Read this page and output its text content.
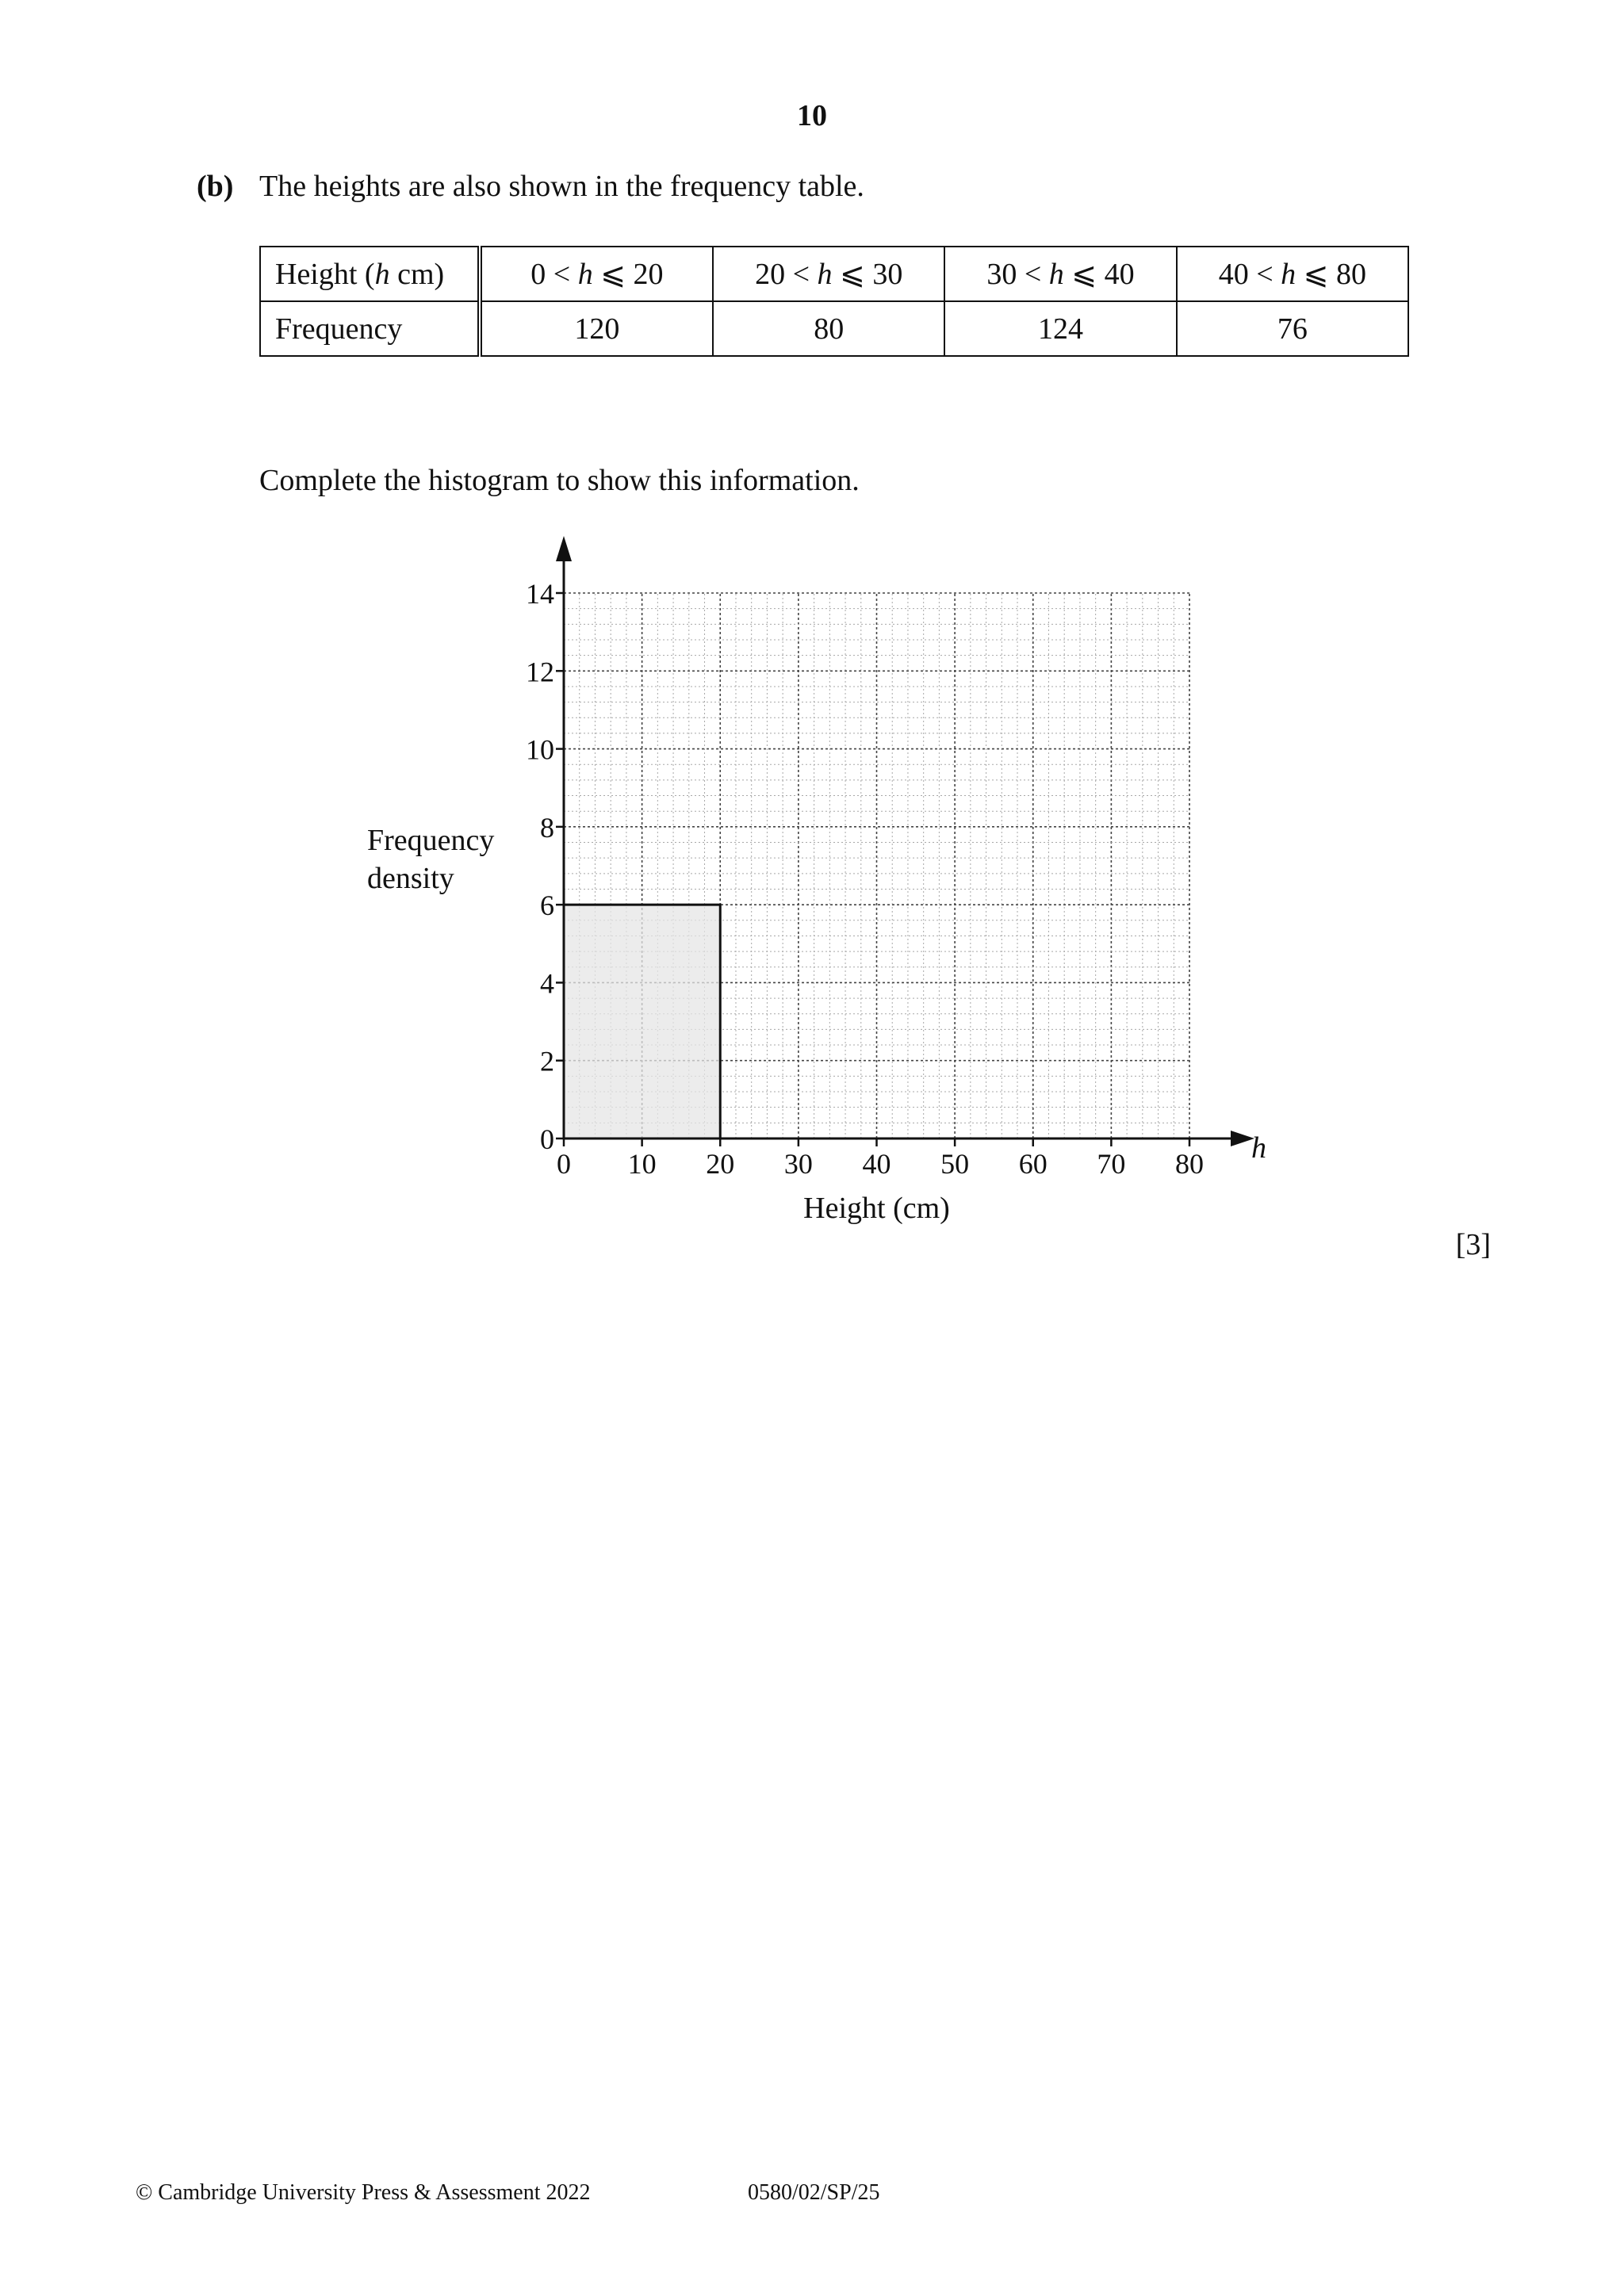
10
(b) The heights are also shown in the frequency table.
Height (h cm)	0 < h ⩽ 20	20 < h ⩽ 30	30 < h ⩽ 40	40 < h ⩽ 80
Frequency	120	80	124	76
Complete the histogram to show this information.
Frequency
density
0
2
4
6
8
10
12
14
0 10 20 30 40 50 60 70 80 h
Height (cm)
[3]
© Cambridge University Press & Assessment 2022	0580/02/SP/25
